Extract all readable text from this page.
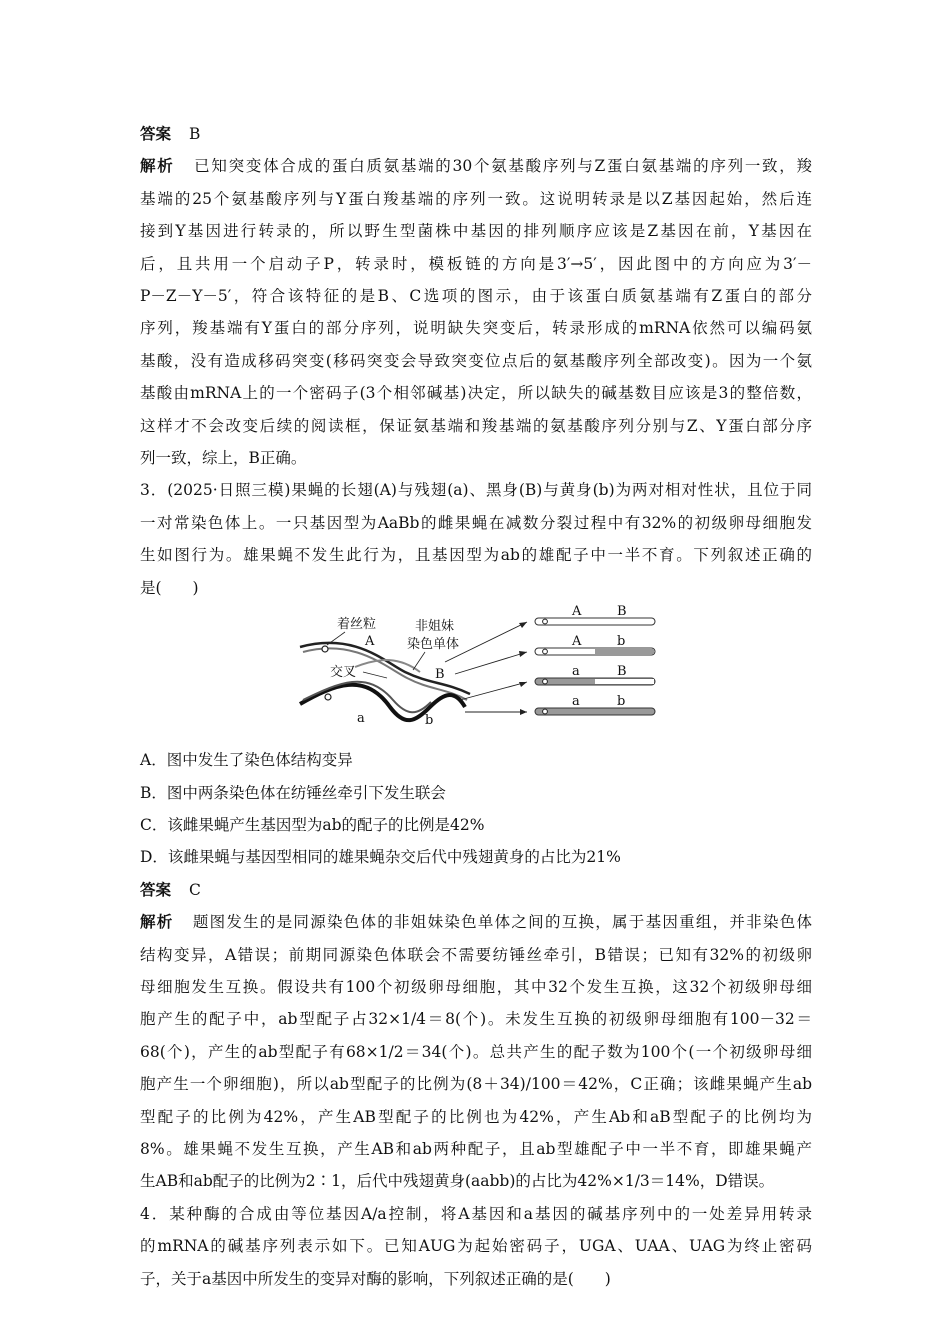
答案 B
解析 已知突变体合成的蛋白质氨基端的30个氨基酸序列与Z蛋白氨基端的序列一致，羧
基端的25个氨基酸序列与Y蛋白羧基端的序列一致。这说明转录是以Z基因起始，然后连
接到Y基因进行转录的，所以野生型菌株中基因的排列顺序应该是Z基因在前，Y基因在
后，且共用一个启动子P，转录时，模板链的方向是3′→5′，因此图中的方向应为3′－
P－Z－Y－5′，符合该特征的是B、C选项的图示，由于该蛋白质氨基端有Z蛋白的部分
序列，羧基端有Y蛋白的部分序列，说明缺失突变后，转录形成的mRNA依然可以编码氨
基酸，没有造成移码突变(移码突变会导致突变位点后的氨基酸序列全部改变)。因为一个氨
基酸由mRNA上的一个密码子(3个相邻碱基)决定，所以缺失的碱基数目应该是3的整倍数，
这样才不会改变后续的阅读框，保证氨基端和羧基端的氨基酸序列分别与Z、Y蛋白部分序
列一致，综上，B正确。
3．(2025·日照三模)果蝇的长翅(A)与残翅(a)、黑身(B)与黄身(b)为两对相对性状，且位于同
一对常染色体上。一只基因型为AaBb的雌果蝇在减数分裂过程中有32%的初级卵母细胞发
生如图行为。雄果蝇不发生此行为，且基因型为ab的雄配子中一半不育。下列叙述正确的
是(　　)
着丝粒
A
非姐妹
染色单体
交叉	B
a	b
A	B
A	b
a	B
a	b
A．图中发生了染色体结构变异
B．图中两条染色体在纺锤丝牵引下发生联会
C．该雌果蝇产生基因型为ab的配子的比例是42%
D．该雌果蝇与基因型相同的雄果蝇杂交后代中残翅黄身的占比为21%
答案 C
解析 题图发生的是同源染色体的非姐妹染色单体之间的互换，属于基因重组，并非染色体
结构变异，A错误；前期同源染色体联会不需要纺锤丝牵引，B错误；已知有32%的初级卵
母细胞发生互换。假设共有100个初级卵母细胞，其中32个发生互换，这32个初级卵母细
胞产生的配子中，ab型配子占32×1/4＝8(个)。未发生互换的初级卵母细胞有100－32＝
68(个)，产生的ab型配子有68×1/2＝34(个)。总共产生的配子数为100个(一个初级卵母细
胞产生一个卵细胞)，所以ab型配子的比例为(8＋34)/100＝42%，C正确；该雌果蝇产生ab
型配子的比例为42%，产生AB型配子的比例也为42%，产生Ab和aB型配子的比例均为
8%。雄果蝇不发生互换，产生AB和ab两种配子，且ab型雄配子中一半不育，即雄果蝇产
生AB和ab配子的比例为2∶1，后代中残翅黄身(aabb)的占比为42%×1/3＝14%，D错误。
4．某种酶的合成由等位基因A/a控制，将A基因和a基因的碱基序列中的一处差异用转录
的mRNA的碱基序列表示如下。已知AUG为起始密码子，UGA、UAA、UAG为终止密码
子，关于a基因中所发生的变异对酶的影响，下列叙述正确的是(　　)
